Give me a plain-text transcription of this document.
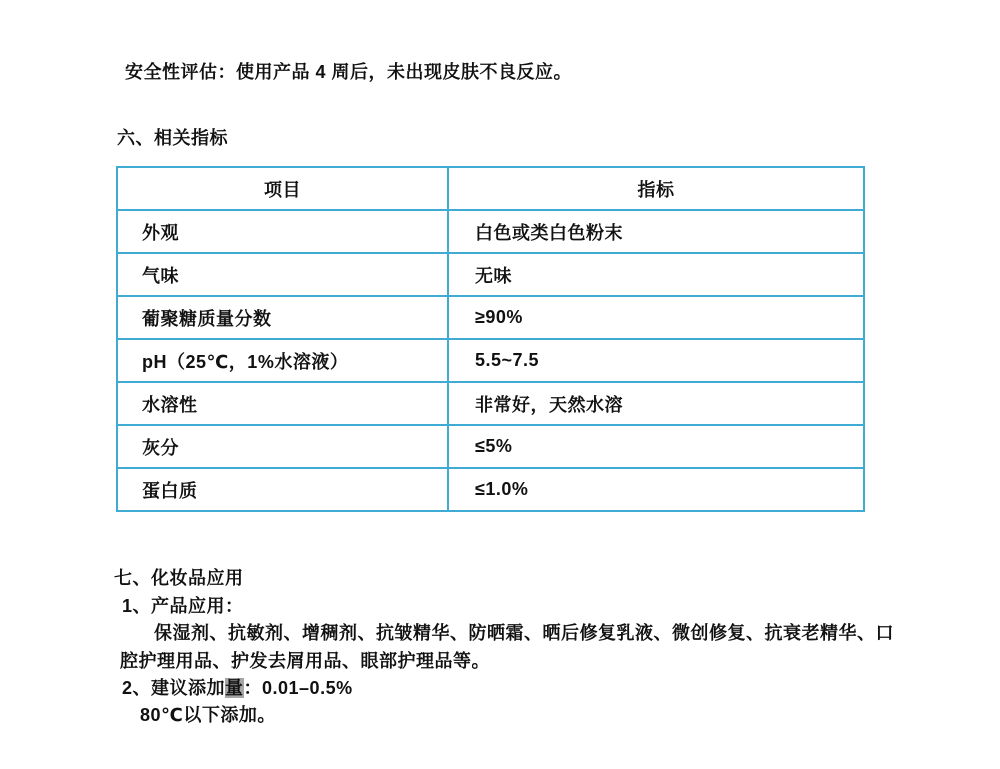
安全性评估：使用产品 4 周后，未出现皮肤不良反应。
六、相关指标
项目	指标
外观	白色或类白色粉末
气味	无味
葡聚糖质量分数	≥90%
pH（25℃，1%水溶液）	5.5~7.5
水溶性	非常好，天然水溶
灰分	≤5%
蛋白质	≤1.0%
七、化妆品应用
1、产品应用：
保湿剂、抗敏剂、增稠剂、抗皱精华、防晒霜、晒后修复乳液、微创修复、抗衰老精华、口
腔护理用品、护发去屑用品、眼部护理品等。
2、建议添加量：0.01–0.5%
80℃以下添加。
